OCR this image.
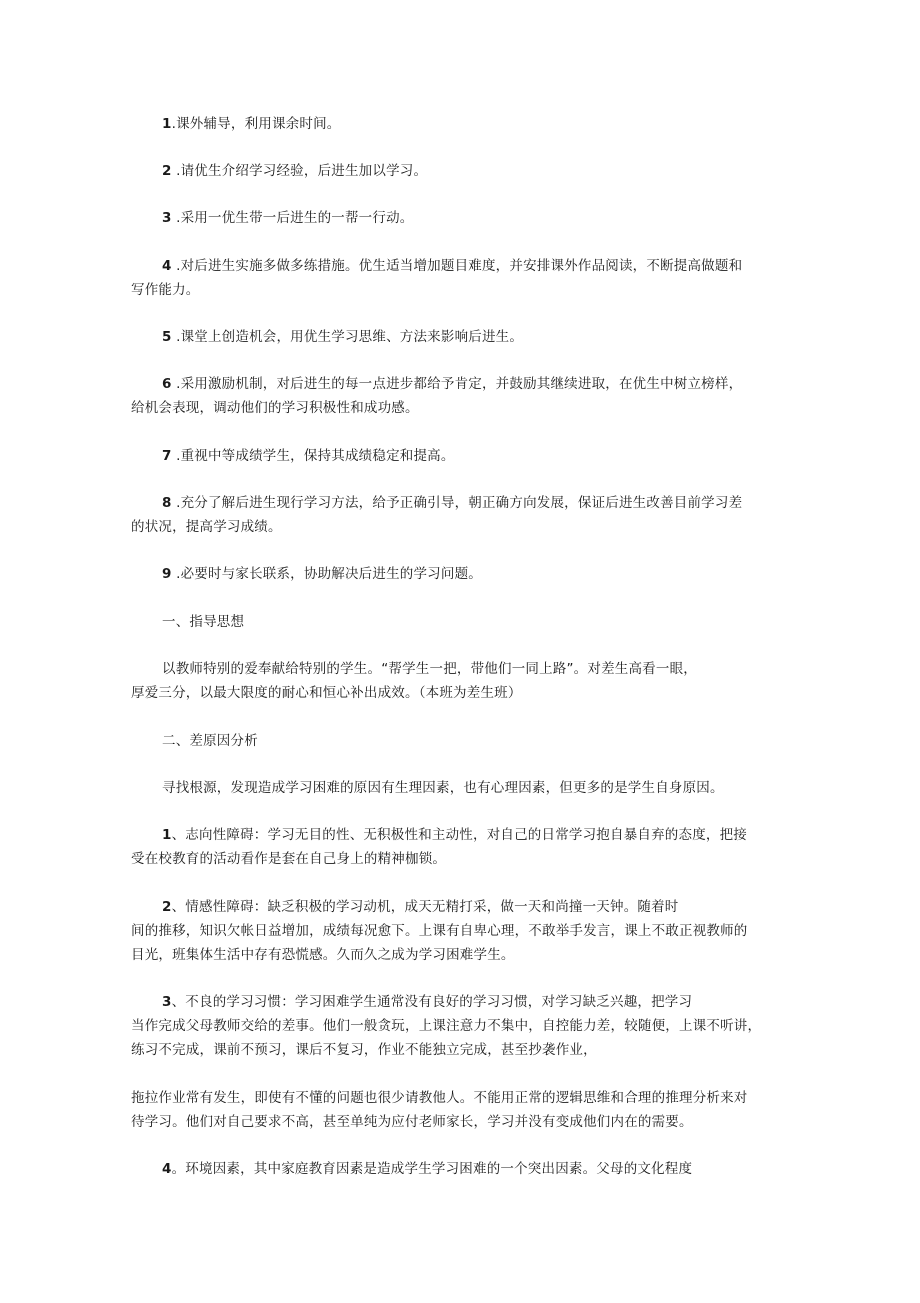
1.课外辅导，利用课余时间。
2 .请优生介绍学习经验，后进生加以学习。
3 .采用一优生带一后进生的一帮一行动。
4 .对后进生实施多做多练措施。优生适当增加题目难度，并安排课外作品阅读，不断提高做题和
写作能力。
5 .课堂上创造机会，用优生学习思维、方法来影响后进生。
6 .采用激励机制，对后进生的每一点进步都给予肯定，并鼓励其继续进取，在优生中树立榜样，
给机会表现，调动他们的学习积极性和成功感。
7 .重视中等成绩学生，保持其成绩稳定和提高。
8 .充分了解后进生现行学习方法，给予正确引导，朝正确方向发展，保证后进生改善目前学习差
的状况，提高学习成绩。
9 .必要时与家长联系，协助解决后进生的学习问题。
一、指导思想
以教师特别的爱奉献给特别的学生。“帮学生一把，带他们一同上路”。对差生高看一眼，
厚爱三分，以最大限度的耐心和恒心补出成效。（本班为差生班）
二、差原因分析
寻找根源，发现造成学习困难的原因有生理因素，也有心理因素，但更多的是学生自身原因。
1、志向性障碍：学习无目的性、无积极性和主动性，对自己的日常学习抱自暴自弃的态度，把接
受在校教育的活动看作是套在自己身上的精神枷锁。
2、情感性障碍：缺乏积极的学习动机，成天无精打采，做一天和尚撞一天钟。随着时
间的推移，知识欠帐日益增加，成绩每况愈下。上课有自卑心理，不敢举手发言，课上不敢正视教师的
目光，班集体生活中存有恐慌感。久而久之成为学习困难学生。
3、不良的学习习惯：学习困难学生通常没有良好的学习习惯，对学习缺乏兴趣，把学习
当作完成父母教师交给的差事。他们一般贪玩，上课注意力不集中，自控能力差，较随便，上课不听讲，
练习不完成，课前不预习，课后不复习，作业不能独立完成，甚至抄袭作业，
拖拉作业常有发生，即使有不懂的问题也很少请教他人。不能用正常的逻辑思维和合理的推理分析来对
待学习。他们对自己要求不高，甚至单纯为应付老师家长，学习并没有变成他们内在的需要。
4。环境因素，其中家庭教育因素是造成学生学习困难的一个突出因素。父母的文化程度
